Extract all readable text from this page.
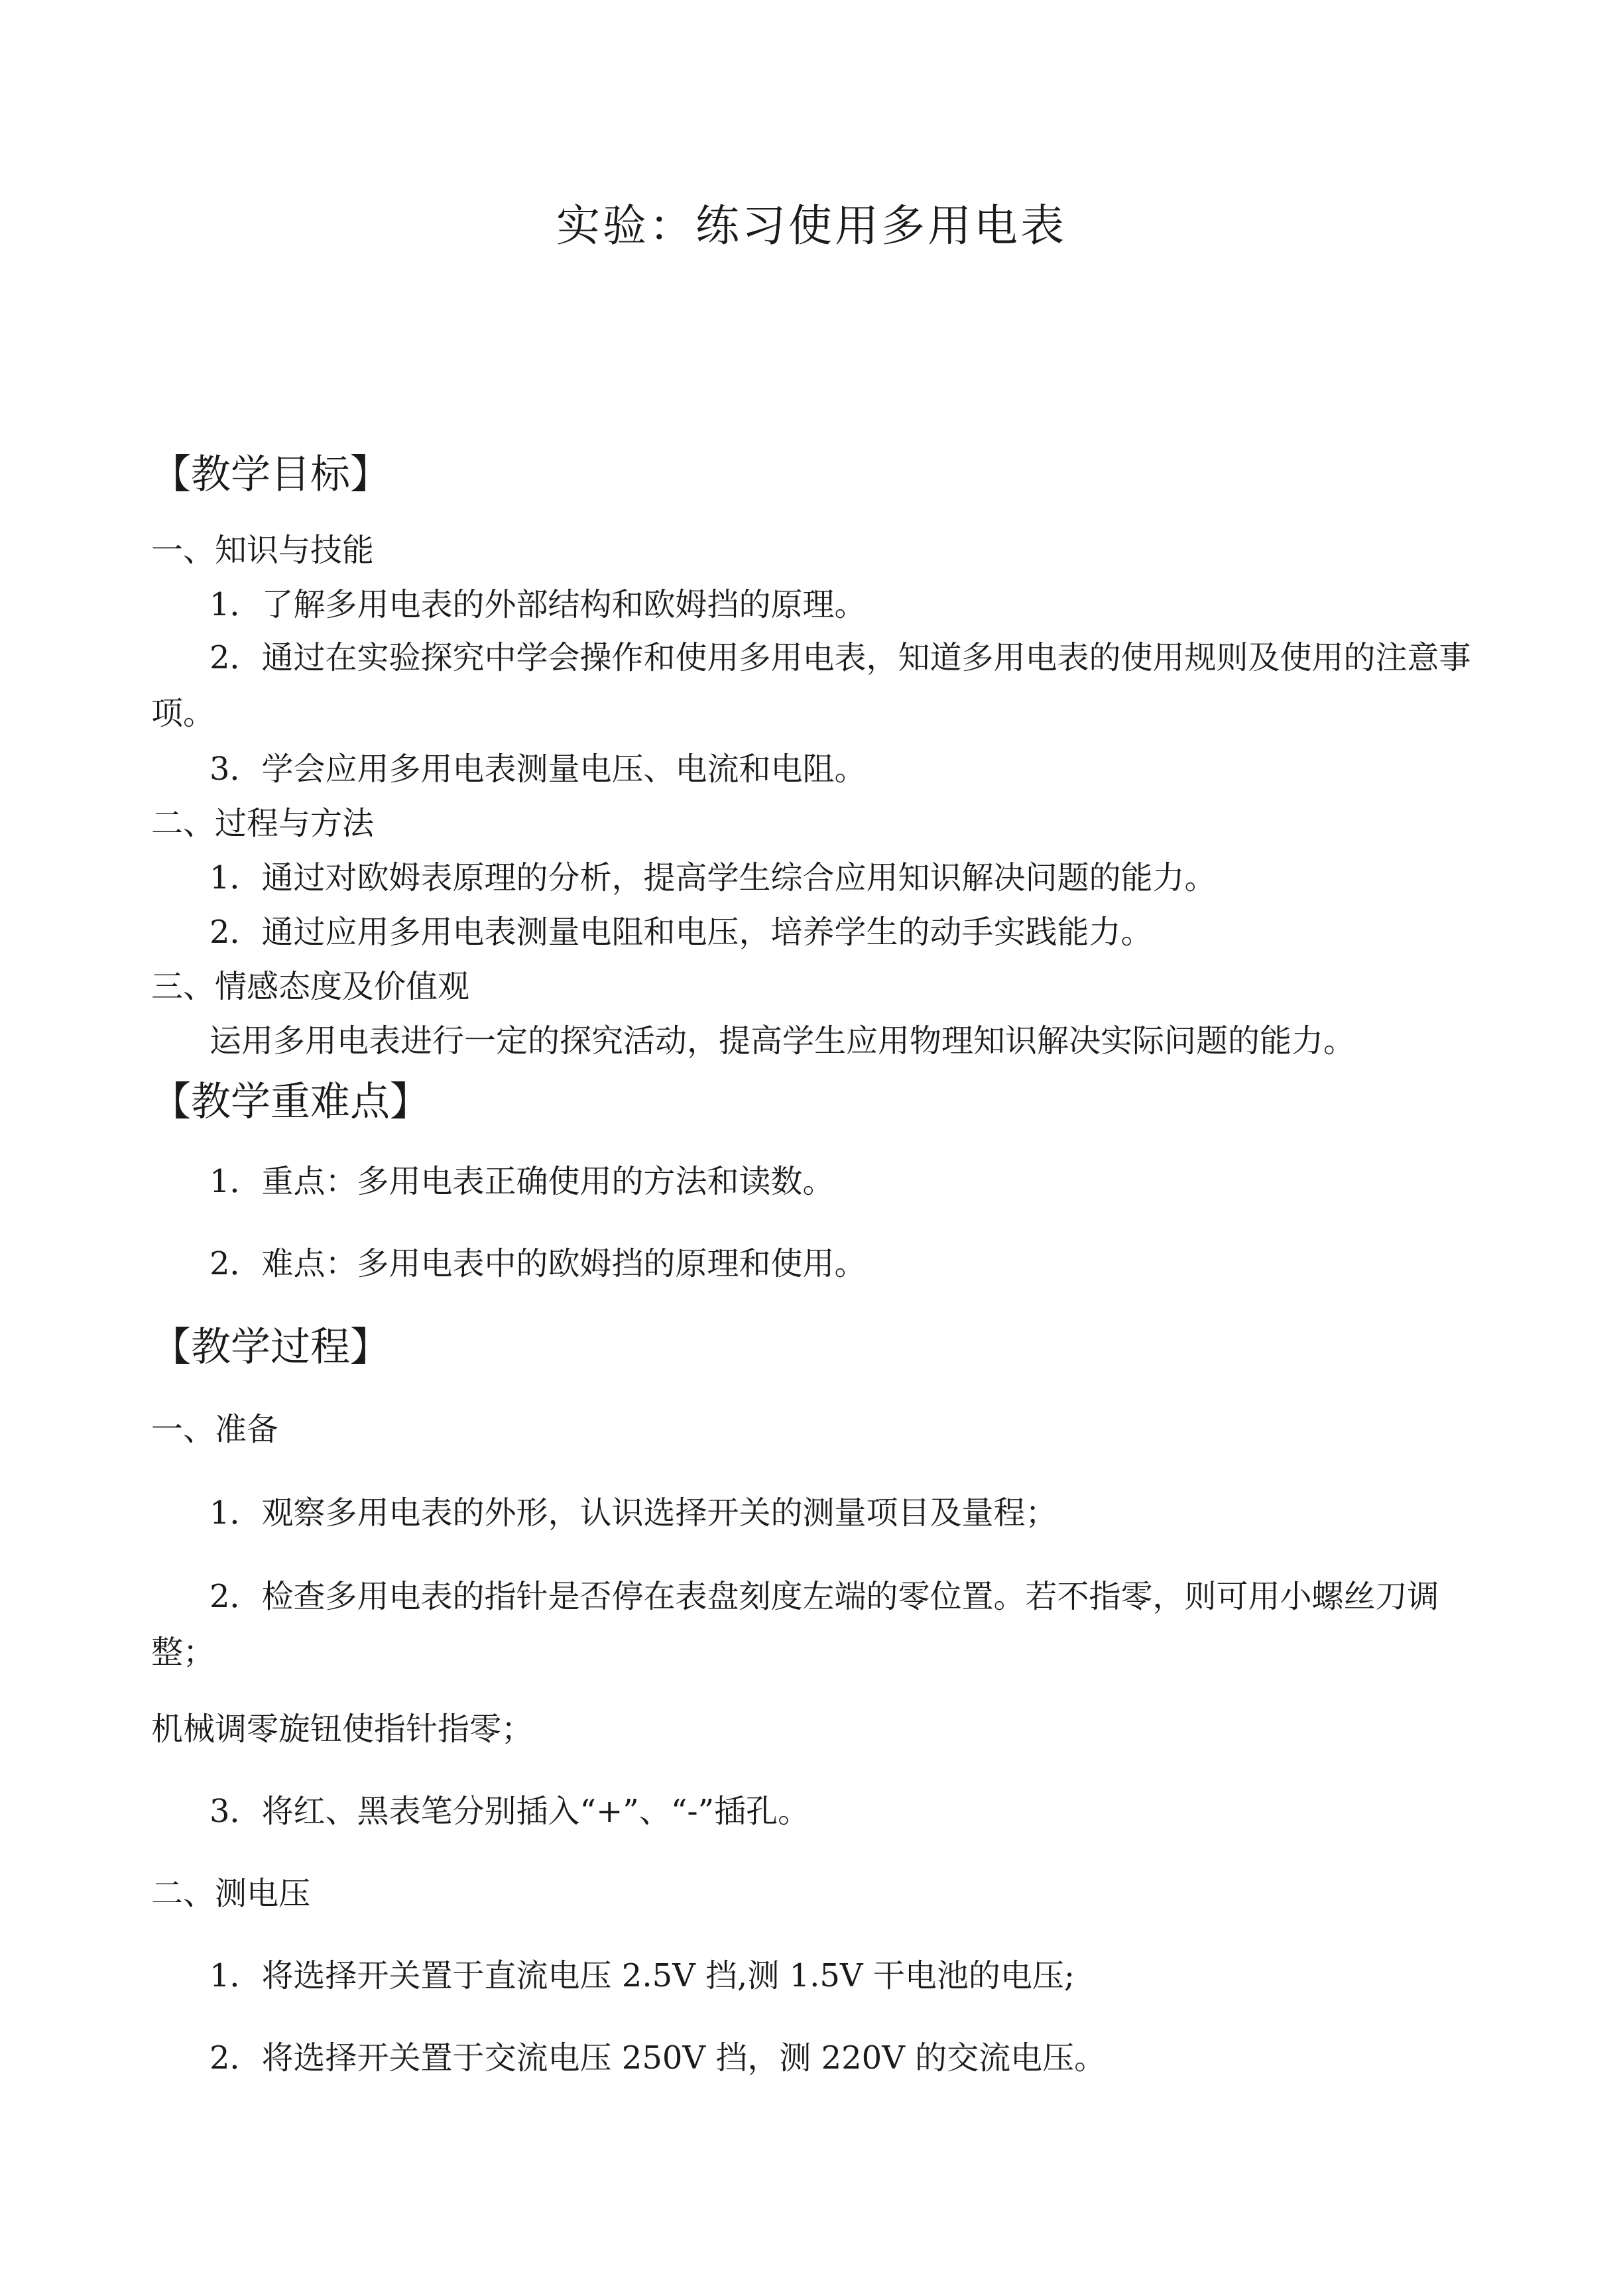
实验：练习使用多用电表
【教学目标】
一、知识与技能
1．了解多用电表的外部结构和欧姆挡的原理。
2．通过在实验探究中学会操作和使用多用电表，知道多用电表的使用规则及使用的注意事项。
3．学会应用多用电表测量电压、电流和电阻。
二、过程与方法
1．通过对欧姆表原理的分析，提高学生综合应用知识解决问题的能力。
2．通过应用多用电表测量电阻和电压，培养学生的动手实践能力。
三、情感态度及价值观
运用多用电表进行一定的探究活动，提高学生应用物理知识解决实际问题的能力。
【教学重难点】
1．重点：多用电表正确使用的方法和读数。
2．难点：多用电表中的欧姆挡的原理和使用。
【教学过程】
一、准备
1．观察多用电表的外形，认识选择开关的测量项目及量程；
2．检查多用电表的指针是否停在表盘刻度左端的零位置。若不指零，则可用小螺丝刀调整；
机械调零旋钮使指针指零；
3．将红、黑表笔分别插入“+”、“-”插孔。
二、测电压
1．将选择开关置于直流电压 2.5V 挡,测 1.5V 干电池的电压;
2．将选择开关置于交流电压 250V 挡，测 220V 的交流电压。
